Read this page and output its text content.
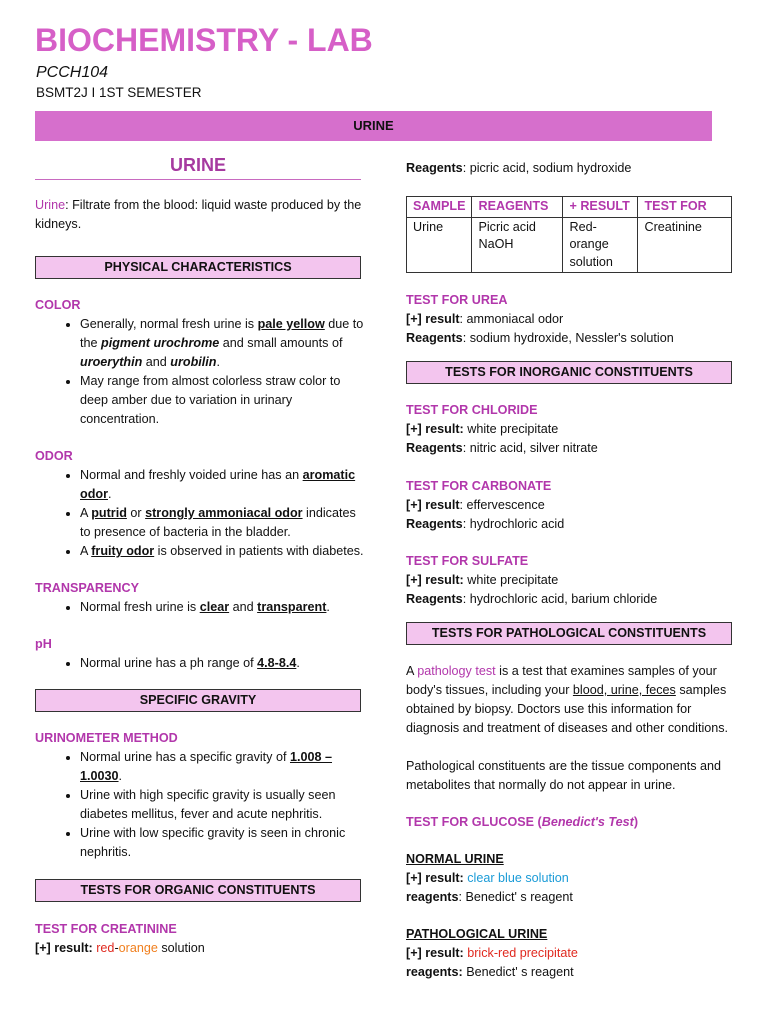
BIOCHEMISTRY - LAB
PCCH104
BSMT2J I 1ST SEMESTER
URINE
URINE

Urine: Filtrate from the blood: liquid waste produced by the kidneys.

PHYSICAL CHARACTERISTICS

COLOR

• Generally, normal fresh urine is pale yellow due to the pigment urochrome and small amounts of uroerythin and urobilin.
• May range from almost colorless straw color to deep amber due to variation in urinary concentration.

ODOR

• Normal and freshly voided urine has an aromatic odor.
• A putrid or strongly ammoniacal odor indicates to presence of bacteria in the bladder.
• A fruity odor is observed in patients with diabetes.

TRANSPARENCY

• Normal fresh urine is clear and transparent.

pH

• Normal urine has a ph range of 4.8-8.4.
SPECIFIC GRAVITY

URINOMETER METHOD

• Normal urine has a specific gravity of 1.008 – 1.0030.
• Urine with high specific gravity is usually seen diabetes mellitus, fever and acute nephritis.
• Urine with low specific gravity is seen in chronic nephritis.
TESTS FOR ORGANIC CONSTITUENTS

TEST FOR CREATININE

[+] result: red-orange solution

Reagents: picric acid, sodium hydroxide

SAMPLE	REAGENTS	+ RESULT	TEST FOR
Urine	Picric acid NaOH	Red-orange solution	Creatinine

TEST FOR UREA

[+] result: ammoniacal odor

Reagents: sodium hydroxide, Nessler's solution

TESTS FOR INORGANIC CONSTITUENTS

TEST FOR CHLORIDE

[+] result: white precipitate

Reagents: nitric acid, silver nitrate

TEST FOR CARBONATE

[+] result: effervescence

Reagents: hydrochloric acid

TEST FOR SULFATE

[+] result: white precipitate

Reagents: hydrochloric acid, barium chloride

TESTS FOR PATHOLOGICAL CONSTITUENTS

A pathology test is a test that examines samples of your body's tissues, including your blood, urine, feces samples obtained by biopsy. Doctors use this information for diagnosis and treatment of diseases and other conditions.

Pathological constituents are the tissue components and metabolites that normally do not appear in urine.

TEST FOR GLUCOSE (Benedict's Test)

NORMAL URINE

[+] result: clear blue solution

reagents: Benedict' s reagent

PATHOLOGICAL URINE

[+] result: brick-red precipitate

reagents: Benedict' s reagent
